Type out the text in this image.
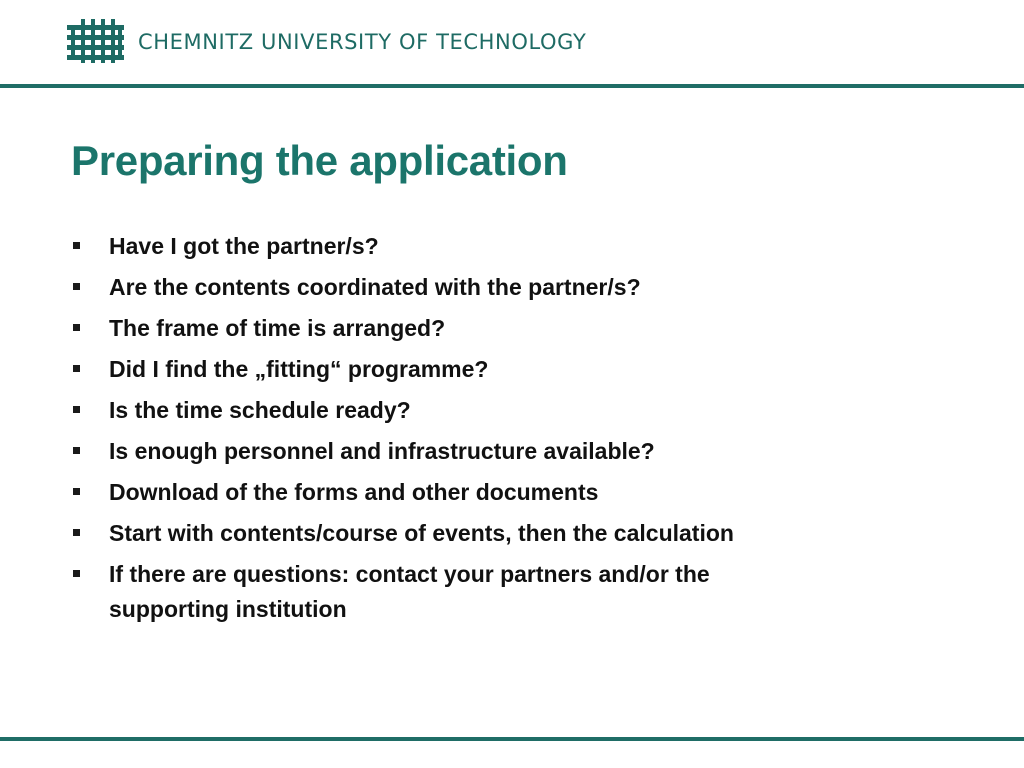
CHEMNITZ UNIVERSITY OF TECHNOLOGY
Preparing the application
Have I got the partner/s?
Are the contents coordinated with the partner/s?
The frame of time is arranged?
Did I find the „fitting“ programme?
Is the time schedule ready?
Is enough personnel and infrastructure available?
Download of the forms and other documents
Start with contents/course of events, then the calculation
If there are questions: contact your partners and/or the supporting institution
